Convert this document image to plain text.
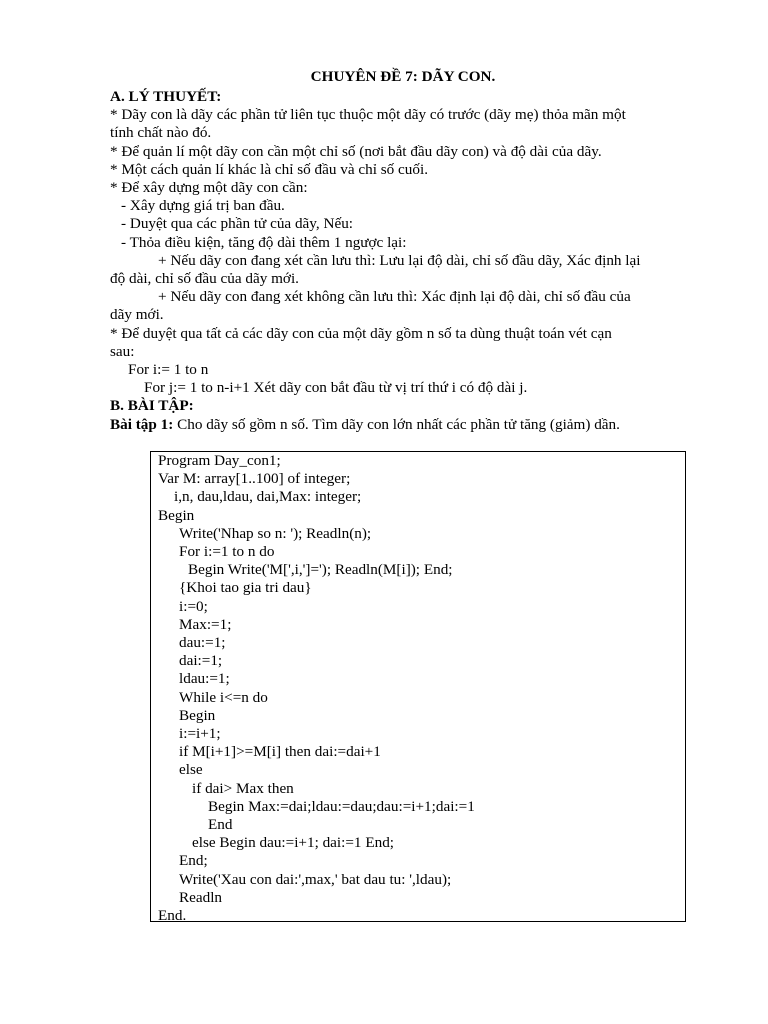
CHUYÊN ĐỀ 7: DÃY CON.

A. LÝ THUYẾT:

* Dãy con là dãy các phần tử liên tục thuộc một dãy có trước (dãy mẹ) thỏa mãn một

tính chất nào đó.

* Để quản lí một dãy con cần một chỉ số (nơi bắt đầu dãy con) và độ dài của dãy.

* Một cách quản lí khác là chỉ số đầu và chỉ số cuối.

* Để xây dựng một dãy con cần:

- Xây dựng giá trị ban đầu.

- Duyệt qua các phần tử của dãy, Nếu:

- Thỏa điều kiện, tăng độ dài thêm 1 ngược lại:

+ Nếu dãy con đang xét cần lưu thì: Lưu lại độ dài, chỉ số đầu dãy, Xác định lại

độ dài, chỉ số đầu của dãy mới.

+ Nếu dãy con đang xét không cần lưu thì: Xác định lại độ dài, chỉ số đầu của

dãy mới.

* Để duyệt qua tất cả các dãy con của một dãy gồm n số ta dùng thuật toán vét cạn

sau:

For i:= 1 to n

For j:= 1 to n-i+1 Xét dãy con bắt đầu từ vị trí thứ i có độ dài j.

B. BÀI TẬP:

Bài tập 1: Cho dãy số gồm n số. Tìm dãy con lớn nhất các phần tử tăng (giảm) dần.

Program Day_con1;

Var M: array[1..100] of integer;

i,n, dau,ldau, dai,Max: integer;

Begin

Write('Nhap so n: '); Readln(n);

For i:=1 to n do

Begin Write('M[',i,']='); Readln(M[i]); End;

{Khoi tao gia tri dau}

i:=0;

Max:=1;

dau:=1;

dai:=1;

ldau:=1;

While i<=n do

Begin

i:=i+1;

if M[i+1]>=M[i] then dai:=dai+1

else

if dai> Max then

Begin Max:=dai;ldau:=dau;dau:=i+1;dai:=1

End

else Begin dau:=i+1; dai:=1 End;

End;

Write('Xau con dai:',max,' bat dau tu: ',ldau);

Readln

End.
